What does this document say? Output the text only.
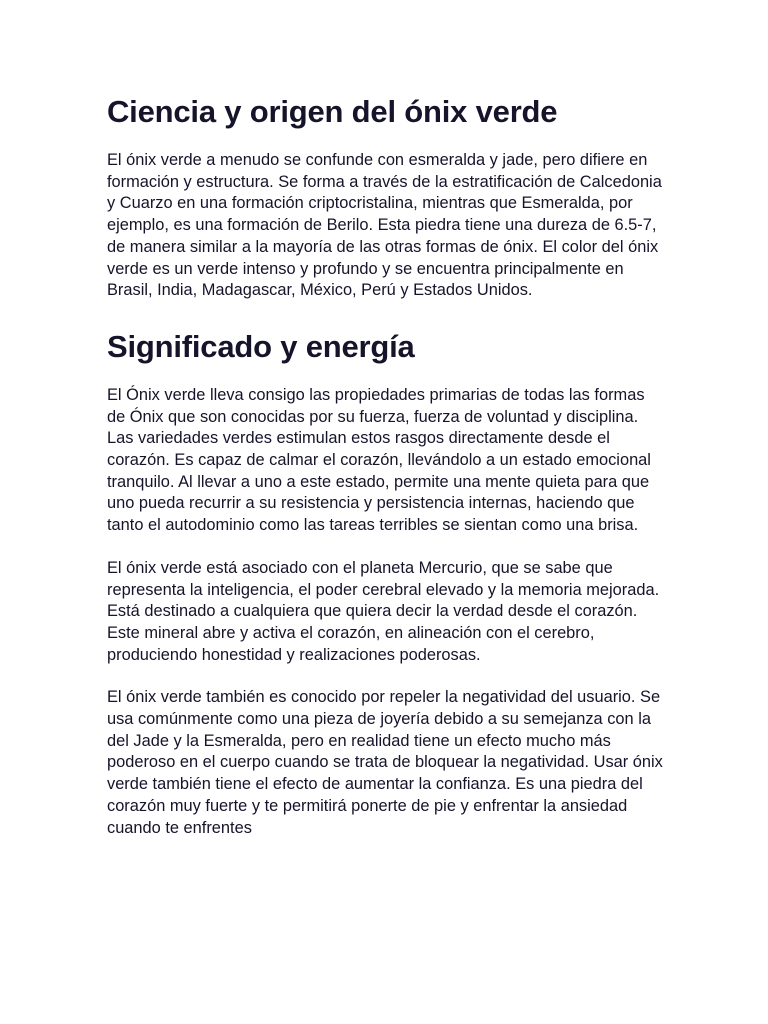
Ciencia y origen del ónix verde

El ónix verde a menudo se confunde con esmeralda y jade, pero difiere en formación y estructura. Se forma a través de la estratificación de Calcedonia y Cuarzo en una formación criptocristalina, mientras que Esmeralda, por ejemplo, es una formación de Berilo. Esta piedra tiene una dureza de 6.5-7, de manera similar a la mayoría de las otras formas de ónix. El color del ónix verde es un verde intenso y profundo y se encuentra principalmente en Brasil, India, Madagascar, México, Perú y Estados Unidos.

Significado y energía

El Ónix verde lleva consigo las propiedades primarias de todas las formas de Ónix que son conocidas por su fuerza, fuerza de voluntad y disciplina. Las variedades verdes estimulan estos rasgos directamente desde el corazón. Es capaz de calmar el corazón, llevándolo a un estado emocional tranquilo. Al llevar a uno a este estado, permite una mente quieta para que uno pueda recurrir a su resistencia y persistencia internas, haciendo que tanto el autodominio como las tareas terribles se sientan como una brisa.

El ónix verde está asociado con el planeta Mercurio, que se sabe que representa la inteligencia, el poder cerebral elevado y la memoria mejorada. Está destinado a cualquiera que quiera decir la verdad desde el corazón. Este mineral abre y activa el corazón, en alineación con el cerebro, produciendo honestidad y realizaciones poderosas.

El ónix verde también es conocido por repeler la negatividad del usuario. Se usa comúnmente como una pieza de joyería debido a su semejanza con la del Jade y la Esmeralda, pero en realidad tiene un efecto mucho más poderoso en el cuerpo cuando se trata de bloquear la negatividad. Usar ónix verde también tiene el efecto de aumentar la confianza. Es una piedra del corazón muy fuerte y te permitirá ponerte de pie y enfrentar la ansiedad cuando te enfrentes
